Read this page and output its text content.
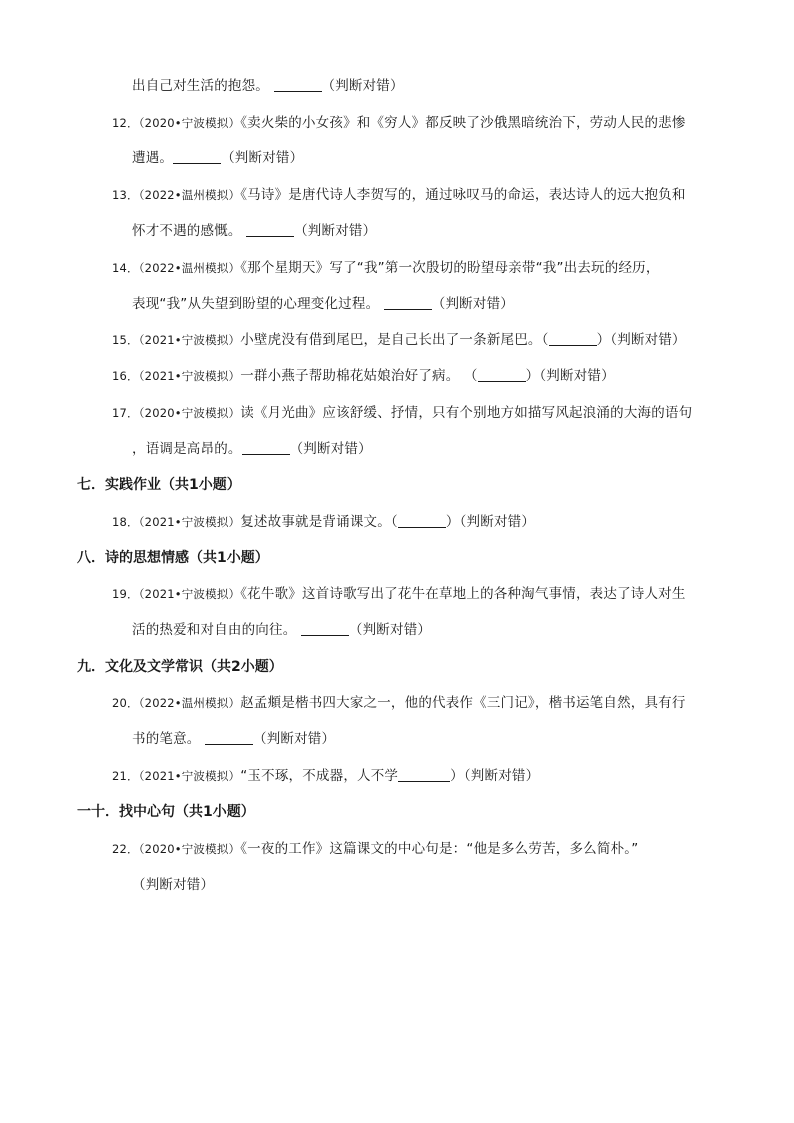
出自己对生活的抱怨。	（判断对错）
12．（2020•宁波模拟）《卖火柴的小女孩》和《穷人》都反映了沙俄黑暗统治下，劳动人民的悲惨
遭遇。	（判断对错）
13．（2022•温州模拟）《马诗》是唐代诗人李贺写的，通过咏叹马的命运，表达诗人的远大抱负和
怀才不遇的感慨。	（判断对错）
14．（2022•温州模拟）《那个星期天》写了“我”第一次殷切的盼望母亲带“我”出去玩的经历，
表现“我”从失望到盼望的心理变化过程。	（判断对错）
15．（2021•宁波模拟）小壁虎没有借到尾巴，是自己长出了一条新尾巴。（	）（判断对错）
16．（2021•宁波模拟）一群小燕子帮助棉花姑娘治好了病。 （	）（判断对错）
17．（2020•宁波模拟）读《月光曲》应该舒缓、抒情，只有个别地方如描写风起浪涌的大海的语句
，语调是高昂的。	（判断对错）
七．实践作业（共1小题）
18．（2021•宁波模拟）复述故事就是背诵课文。（	）（判断对错）
八．诗的思想情感（共1小题）
19．（2021•宁波模拟）《花牛歌》这首诗歌写出了花牛在草地上的各种淘气事情，表达了诗人对生
活的热爱和对自由的向往。	（判断对错）
九．文化及文学常识（共2小题）
20．（2022•温州模拟）赵孟頫是楷书四大家之一，他的代表作《三门记》，楷书运笔自然，具有行
书的笔意。	（判断对错）
21．（2021•宁波模拟）“玉不琢，不成器，人不学	）（判断对错）
一十．找中心句（共1小题）
22．（2020•宁波模拟）《一夜的工作》这篇课文的中心句是：“他是多么劳苦，多么简朴。”
（判断对错）
